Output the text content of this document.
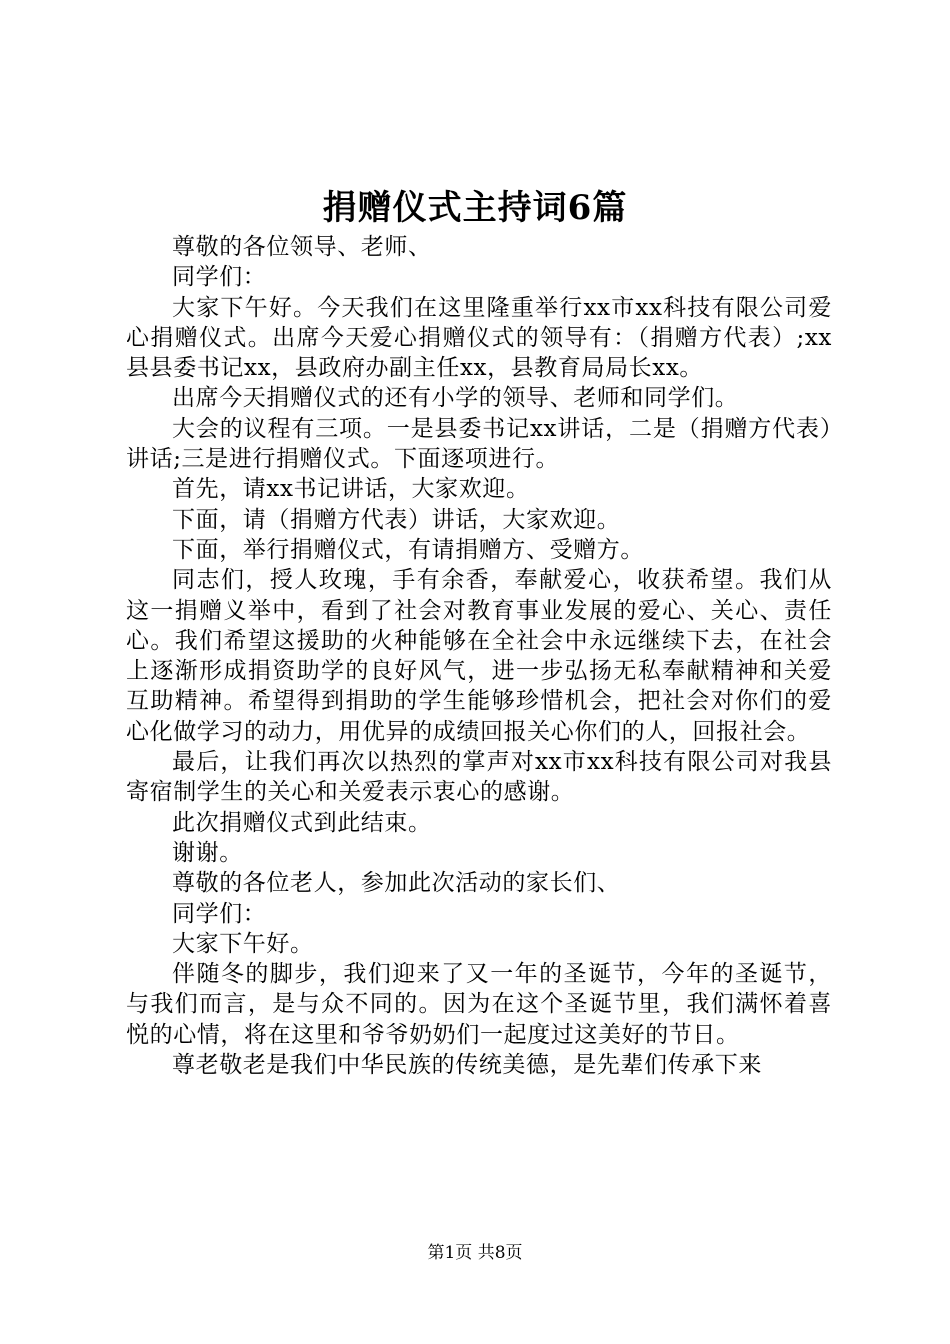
捐赠仪式主持词6篇

尊敬的各位领导、老师、

同学们：

大家下午好。今天我们在这里隆重举行xx市xx科技有限公司爱心捐赠仪式。出席今天爱心捐赠仪式的领导有：（捐赠方代表）;xx县县委书记xx，县政府办副主任xx，县教育局局长xx。

出席今天捐赠仪式的还有小学的领导、老师和同学们。

大会的议程有三项。一是县委书记xx讲话，二是（捐赠方代表）讲话;三是进行捐赠仪式。下面逐项进行。

首先，请xx书记讲话，大家欢迎。

下面，请（捐赠方代表）讲话，大家欢迎。

下面，举行捐赠仪式，有请捐赠方、受赠方。

同志们，授人玫瑰，手有余香，奉献爱心，收获希望。我们从这一捐赠义举中，看到了社会对教育事业发展的爱心、关心、责任心。我们希望这援助的火种能够在全社会中永远继续下去，在社会上逐渐形成捐资助学的良好风气，进一步弘扬无私奉献精神和关爱互助精神。希望得到捐助的学生能够珍惜机会，把社会对你们的爱心化做学习的动力，用优异的成绩回报关心你们的人，回报社会。

最后，让我们再次以热烈的掌声对xx市xx科技有限公司对我县寄宿制学生的关心和关爱表示衷心的感谢。

此次捐赠仪式到此结束。

谢谢。

尊敬的各位老人，参加此次活动的家长们、

同学们：

大家下午好。

伴随冬的脚步，我们迎来了又一年的圣诞节，今年的圣诞节，与我们而言，是与众不同的。因为在这个圣诞节里，我们满怀着喜悦的心情，将在这里和爷爷奶奶们一起度过这美好的节日。

尊老敬老是我们中华民族的传统美德，是先辈们传承下来

第1页 共8页
